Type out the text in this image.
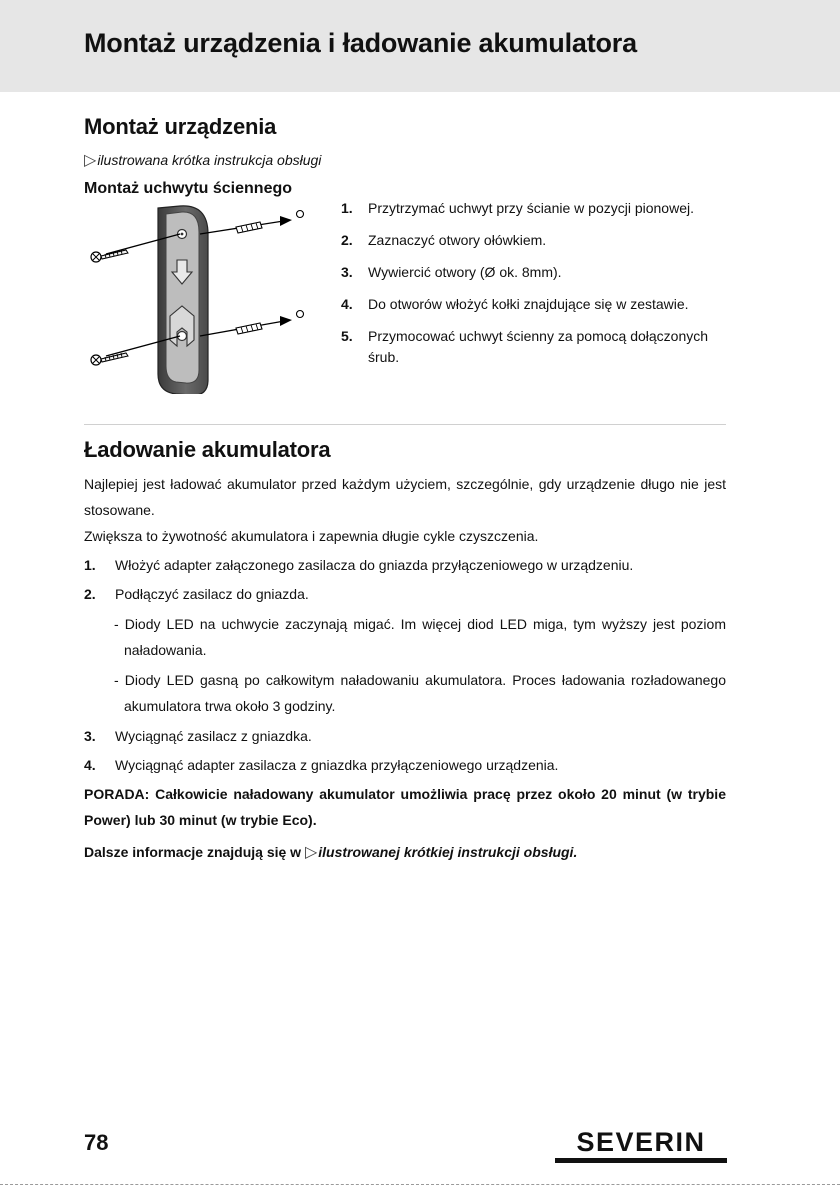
Montaż urządzenia i ładowanie akumulatora
Montaż urządzenia

▷ilustrowana krótka instrukcja obsługi

Montaż uchwytu ściennego
1.	Przytrzymać uchwyt przy ścianie w pozycji pionowej.
2.	Zaznaczyć otwory ołówkiem.
3.	Wywiercić otwory (Ø ok. 8mm).
4.	Do otworów włożyć kołki znajdujące się w zestawie.
5.	Przymocować uchwyt ścienny za pomocą dołączonych śrub.
Ładowanie akumulatora

Najlepiej jest ładować akumulator przed każdym użyciem, szczególnie, gdy urządzenie długo nie jest stosowane.

Zwiększa to żywotność akumulatora i zapewnia długie cykle czyszczenia.

1.	Włożyć adapter załączonego zasilacza do gniazda przyłączeniowego w urządzeniu.
2.	Podłączyć zasilacz do gniazda.
- Diody LED na uchwycie zaczynają migać. Im więcej diod LED miga, tym wyższy jest poziom naładowania.
- Diody LED gasną po całkowitym naładowaniu akumulatora. Proces ładowania rozładowanego akumulatora trwa około 3 godziny.
3.	Wyciągnąć zasilacz z gniazdka.
4.	Wyciągnąć adapter zasilacza z gniazdka przyłączeniowego urządzenia.

PORADA: Całkowicie naładowany akumulator umożliwia pracę przez około 20 minut (w trybie Power) lub 30 minut (w trybie Eco).

Dalsze informacje znajdują się w ▷ilustrowanej krótkiej instrukcji obsługi.

78	SEVERIN
